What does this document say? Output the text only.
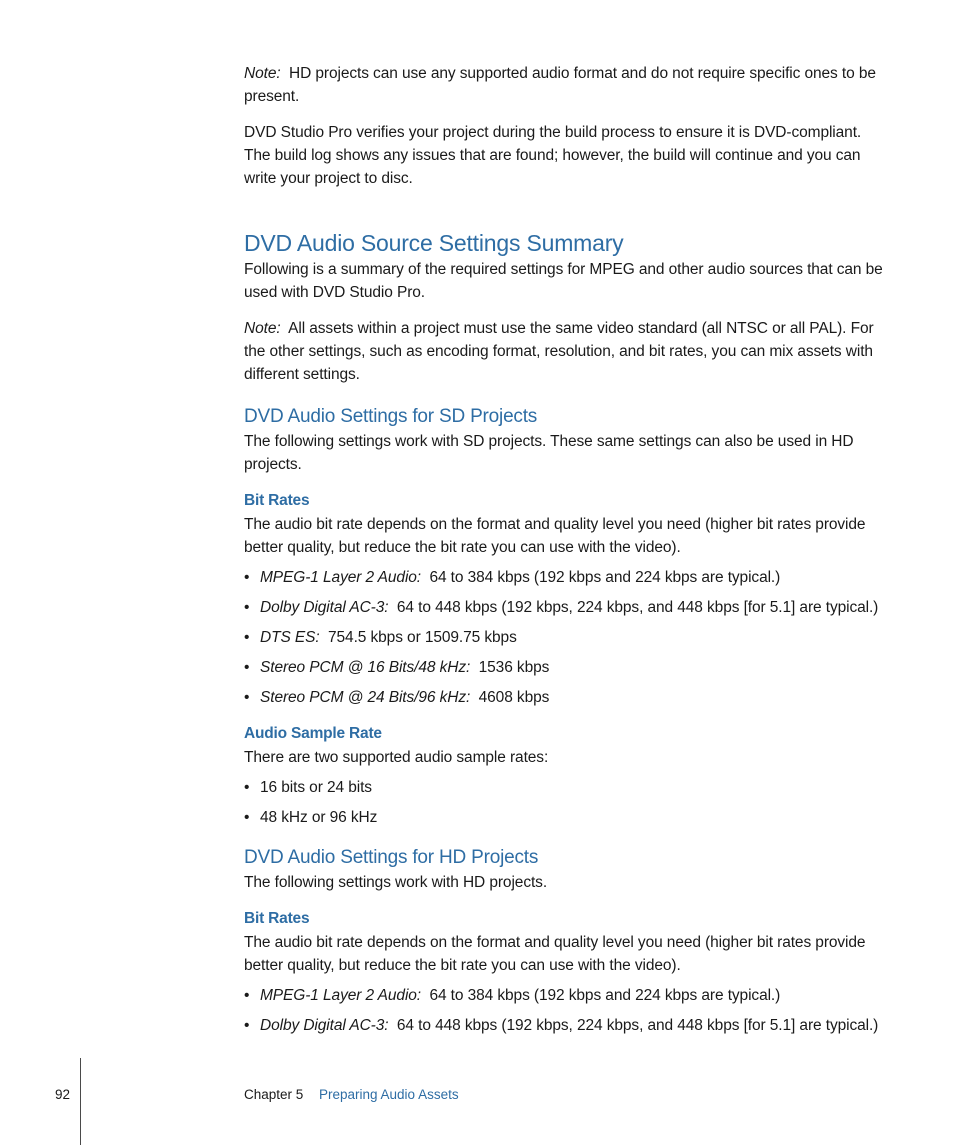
Note: HD projects can use any supported audio format and do not require specific ones to be present.

DVD Studio Pro verifies your project during the build process to ensure it is DVD-compliant. The build log shows any issues that are found; however, the build will continue and you can write your project to disc.

DVD Audio Source Settings Summary

Following is a summary of the required settings for MPEG and other audio sources that can be used with DVD Studio Pro.

Note: All assets within a project must use the same video standard (all NTSC or all PAL). For the other settings, such as encoding format, resolution, and bit rates, you can mix assets with different settings.

DVD Audio Settings for SD Projects

The following settings work with SD projects. These same settings can also be used in HD projects.

Bit Rates

The audio bit rate depends on the format and quality level you need (higher bit rates provide better quality, but reduce the bit rate you can use with the video).

• MPEG-1 Layer 2 Audio: 64 to 384 kbps (192 kbps and 224 kbps are typical.)

• Dolby Digital AC-3: 64 to 448 kbps (192 kbps, 224 kbps, and 448 kbps [for 5.1] are typical.)

• DTS ES: 754.5 kbps or 1509.75 kbps

• Stereo PCM @ 16 Bits/48 kHz: 1536 kbps

• Stereo PCM @ 24 Bits/96 kHz: 4608 kbps

Audio Sample Rate

There are two supported audio sample rates:

• 16 bits or 24 bits

• 48 kHz or 96 kHz

DVD Audio Settings for HD Projects

The following settings work with HD projects.

Bit Rates

The audio bit rate depends on the format and quality level you need (higher bit rates provide better quality, but reduce the bit rate you can use with the video).

• MPEG-1 Layer 2 Audio: 64 to 384 kbps (192 kbps and 224 kbps are typical.)

• Dolby Digital AC-3: 64 to 448 kbps (192 kbps, 224 kbps, and 448 kbps [for 5.1] are typical.)

92	Chapter 5 Preparing Audio Assets
